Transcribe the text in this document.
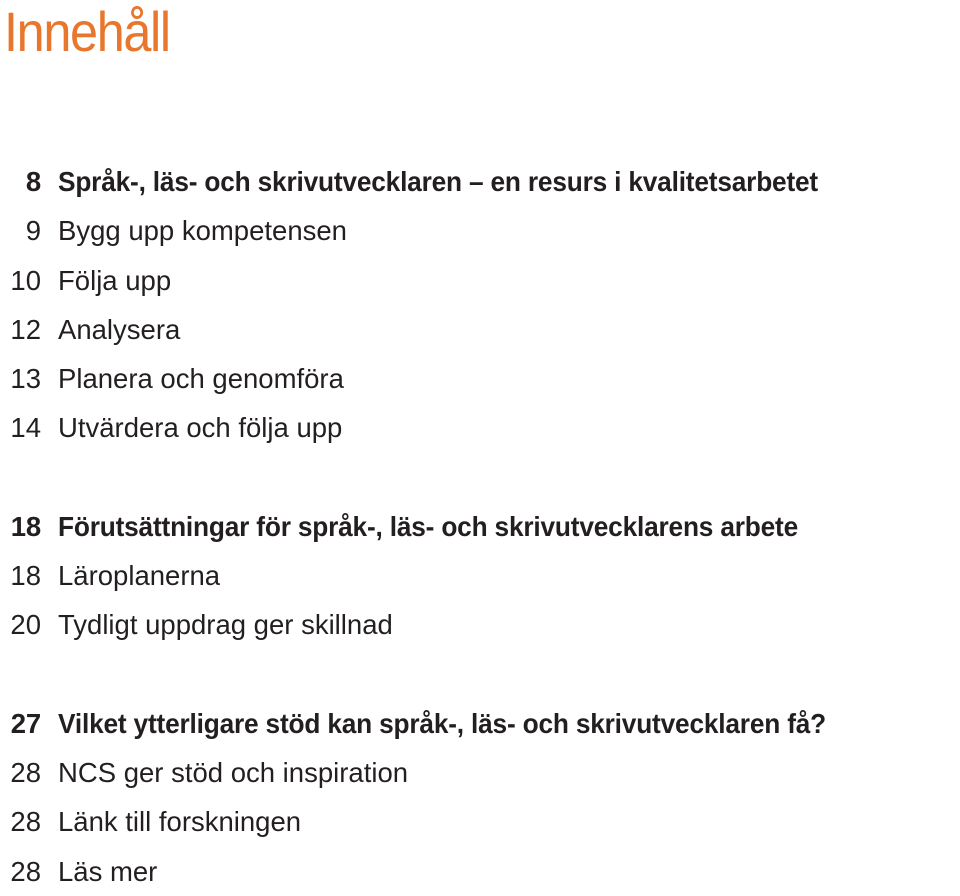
Innehåll
8 Språk-, läs- och skrivutvecklaren – en resurs i kvalitetsarbetet
9 Bygg upp kompetensen
10 Följa upp
12 Analysera
13 Planera och genomföra
14 Utvärdera och följa upp
18 Förutsättningar för språk-, läs- och skrivutvecklarens arbete
18 Läroplanerna
20 Tydligt uppdrag ger skillnad
27 Vilket ytterligare stöd kan språk-, läs- och skrivutvecklaren få?
28 NCS ger stöd och inspiration
28 Länk till forskningen
28 Läs mer
